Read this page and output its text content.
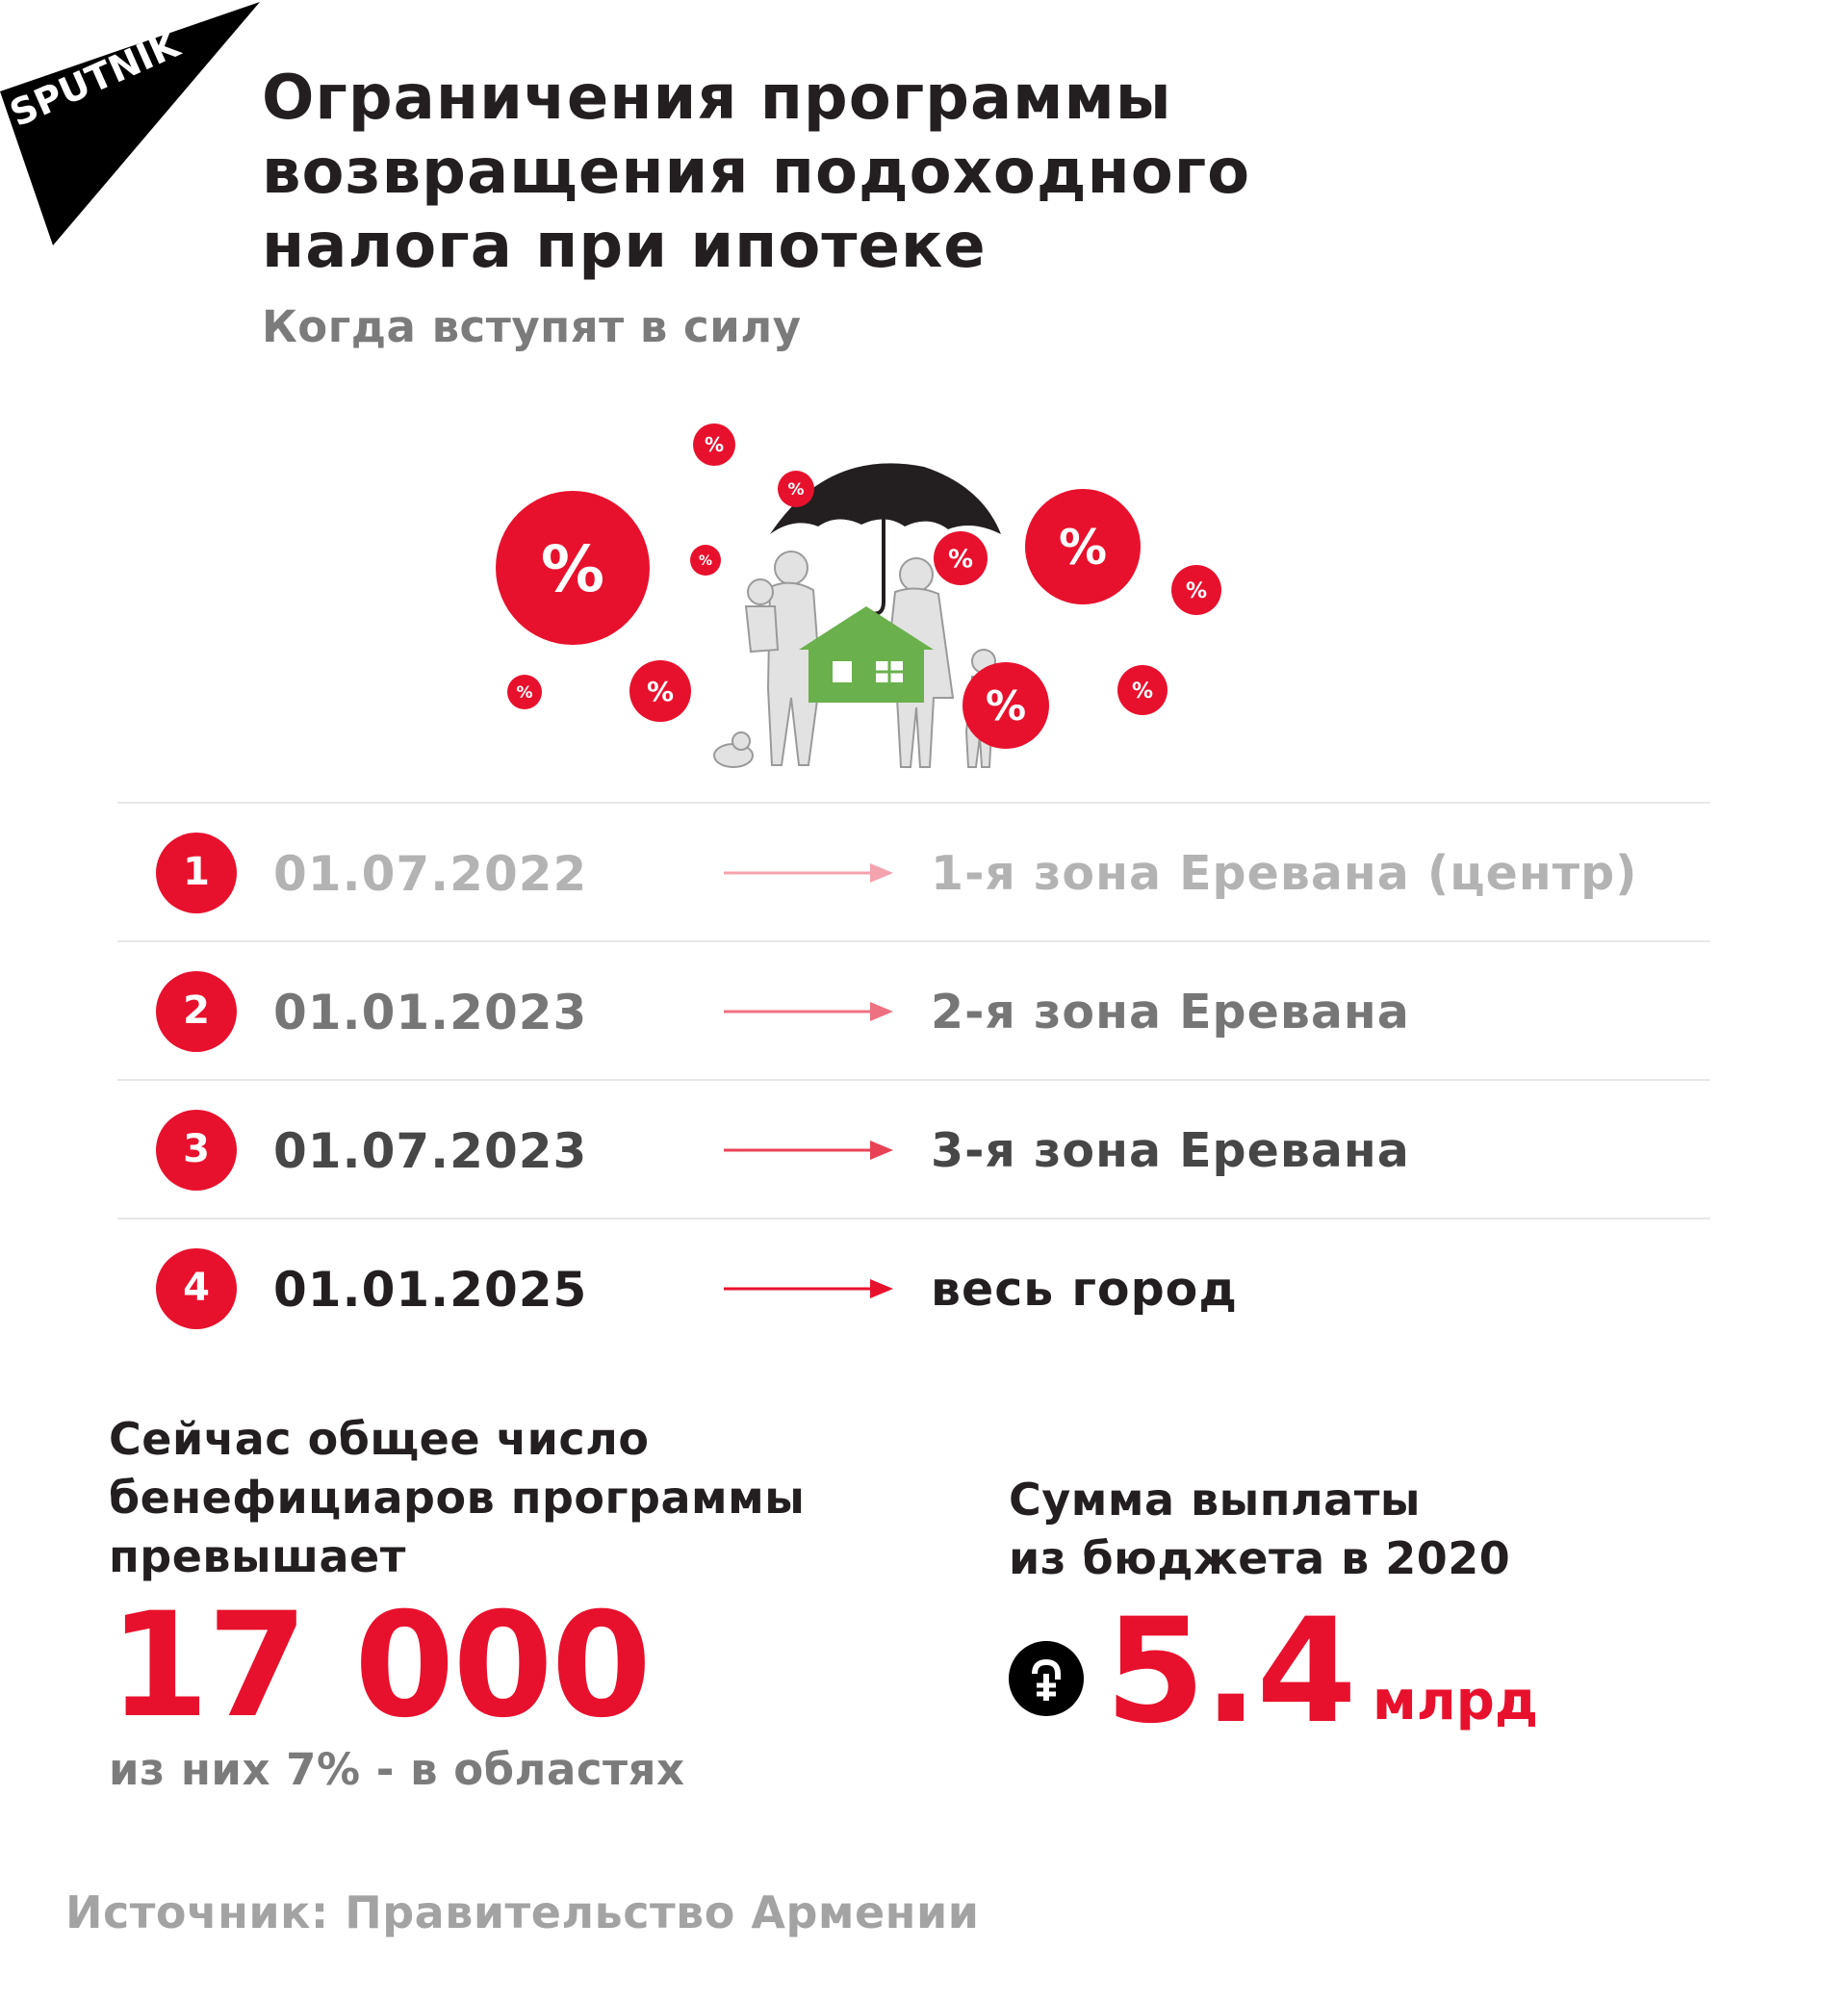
SPUTNIK Ограничения программы
возвращения подоходного
налога при ипотеке
Когда вступят в силу
%
%
%
%	% %
%
%	%	%	%
1	01.07.2022	1-я зона Еревана (центр)
2	01.01.2023	2-я зона Еревана
3	01.07.2023	3-я зона Еревана
4	01.01.2025	весь город
Сейчас общее число
бенефициаров программы
превышает
17 000
из них 7% - в областях
Сумма выплаты
из бюджета в 2020
5.4 млрд
Источник: Правительство Армении
